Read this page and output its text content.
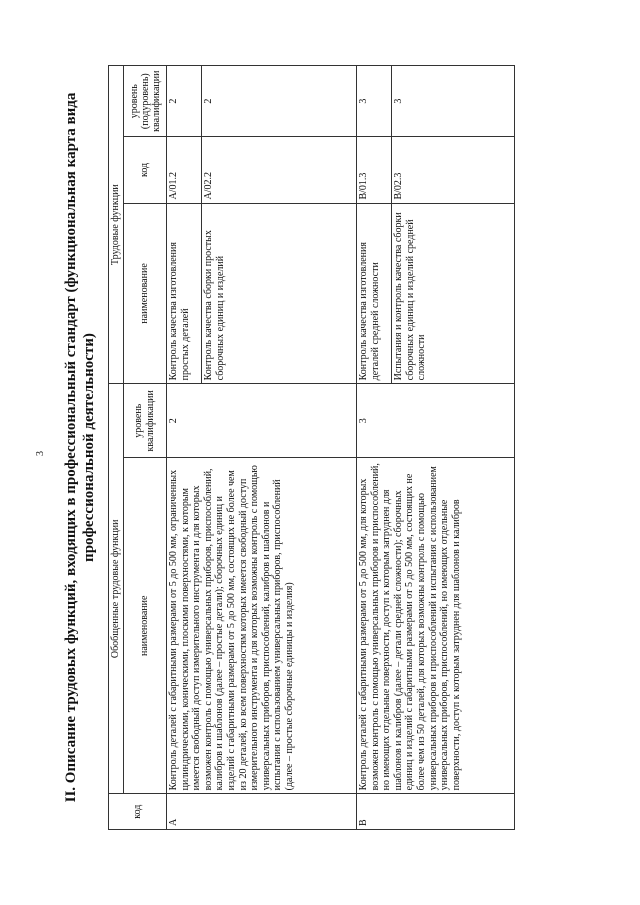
3 II. Описание трудовых функций, входящих в профессиональный стандарт (функциональная карта вида профессиональной деятельности)
код	Обобщенные трудовые функции		Трудовые функции		
	наименование	уровень квалификации	наименование	код	уровень (подуровень) квалификации
A	Контроль деталей с габаритными размерами от 5 до 500 мм, ограниченных цилиндрическими, коническими, плоскими поверхностями, к которым имеется свободный доступ измерительного инструмента и для которых возможен контроль с помощью универсальных приборов, приспособлений, калибров и шаблонов (далее – простые детали); сборочных единиц и изделий с габаритными размерами от 5 до 500 мм, состоящих не более чем из 20 деталей, ко всем поверхностям которых имеется свободный доступ измерительного инструмента и для которых возможны контроль с помощью универсальных приборов, приспособлений, калибров и шаблонов и испытания с использованием универсальных приборов, приспособлений (далее – простые сборочные единицы и изделия)	2	Контроль качества изготовления простых деталей	A/01.2	2
			Контроль качества сборки простых сборочных единиц и изделий	A/02.2	2
B	Контроль деталей с габаритными размерами от 5 до 500 мм, для которых возможен контроль с помощью универсальных приборов и приспособлений, но имеющих отдельные поверхности, доступ к которым затруднен для шаблонов и калибров (далее – детали средней сложности); сборочных единиц и изделий с габаритными размерами от 5 до 500 мм, состоящих не более чем из 50 деталей, для которых возможны контроль с помощью универсальных приборов и приспособлений и испытания с использованием универсальных приборов, приспособлений, но имеющих отдельные поверхности, доступ к которым затруднен для шаблонов и калибров	3	Контроль качества изготовления деталей средней сложности	B/01.3	3
			Испытания и контроль качества сборки сборочных единиц и изделий средней сложности	B/02.3	3
